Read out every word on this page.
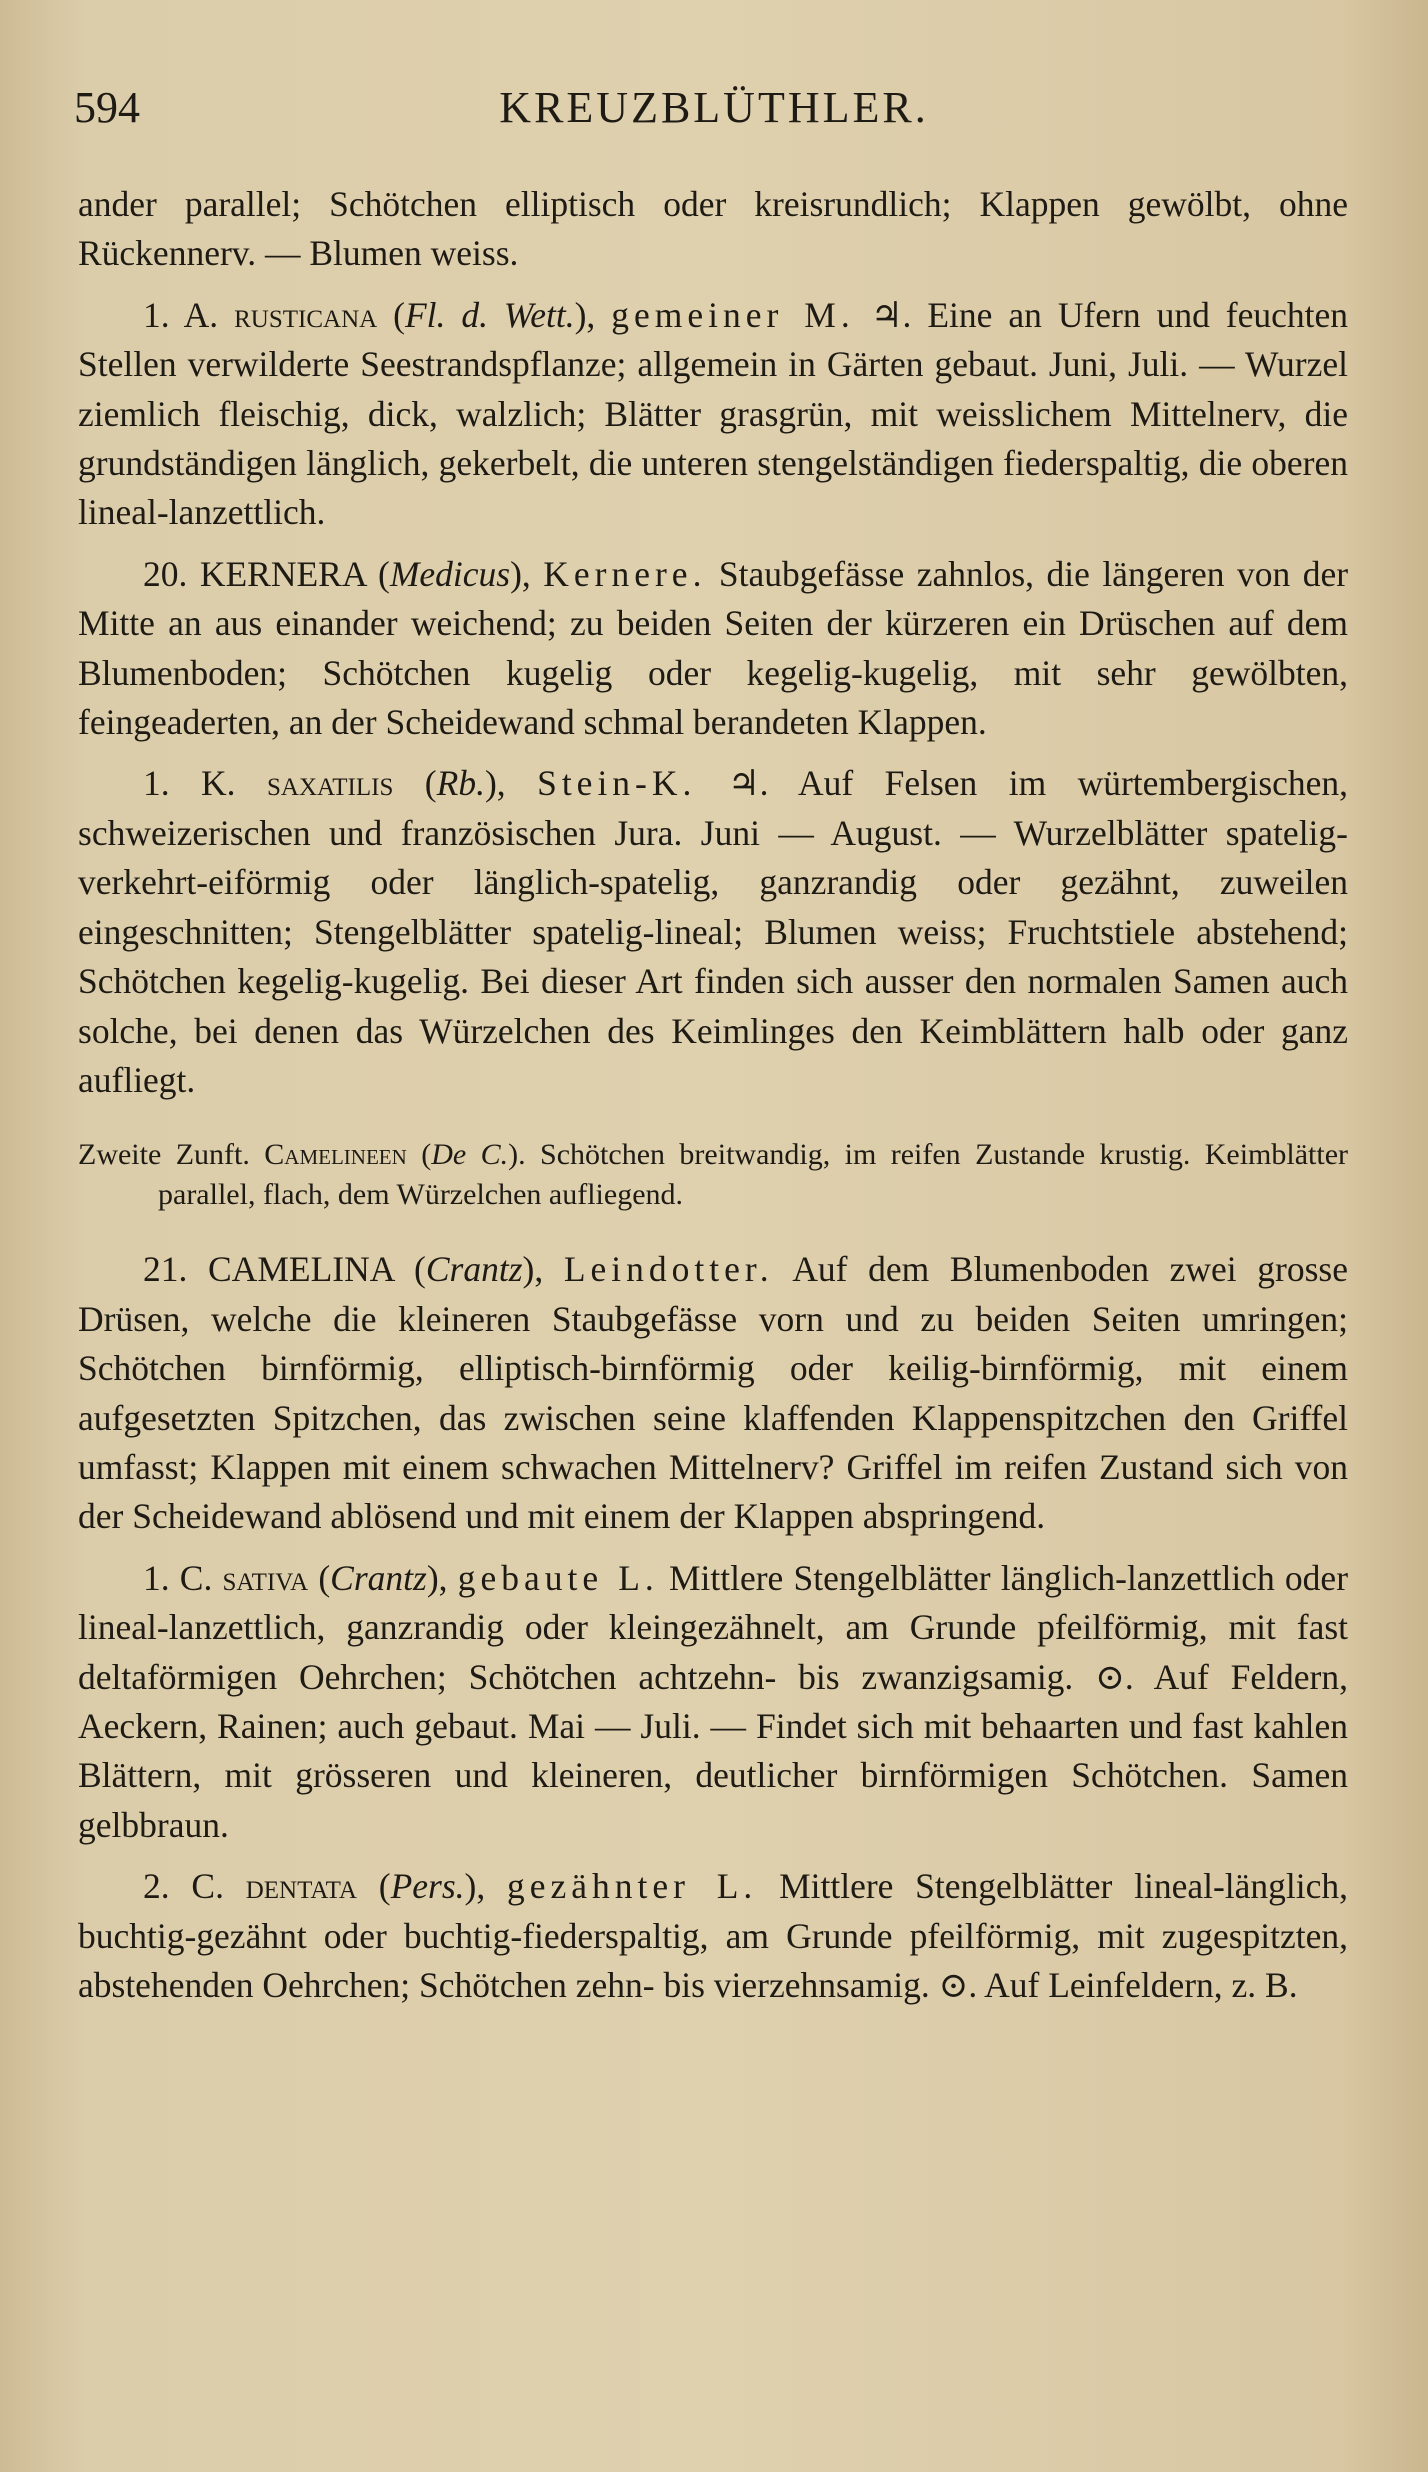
594	KREUZBLÜTHLER.

ander parallel; Schötchen elliptisch oder kreisrundlich; Klappen gewölbt, ohne Rückennerv. — Blumen weiss.

1. A. rusticana (Fl. d. Wett.), gemeiner M. ♃. Eine an Ufern und feuchten Stellen verwilderte Seestrandspflanze; allgemein in Gärten gebaut. Juni, Juli. — Wurzel ziemlich fleischig, dick, walzlich; Blätter grasgrün, mit weisslichem Mittelnerv, die grundständigen länglich, gekerbelt, die unteren stengelständigen fiederspaltig, die oberen lineal-lanzettlich.

20. KERNERA (Medicus), Kernere. Staubgefässe zahnlos, die längeren von der Mitte an aus einander weichend; zu beiden Seiten der kürzeren ein Drüschen auf dem Blumenboden; Schötchen kugelig oder kegelig-kugelig, mit sehr gewölbten, feingeaderten, an der Scheidewand schmal berandeten Klappen.

1. K. saxatilis (Rb.), Stein-K. ♃. Auf Felsen im würtembergischen, schweizerischen und französischen Jura. Juni — August. — Wurzelblätter spatelig-verkehrt-eiförmig oder länglich-spatelig, ganzrandig oder gezähnt, zuweilen eingeschnitten; Stengelblätter spatelig-lineal; Blumen weiss; Fruchtstiele abstehend; Schötchen kegelig-kugelig. Bei dieser Art finden sich ausser den normalen Samen auch solche, bei denen das Würzelchen des Keimlinges den Keimblättern halb oder ganz aufliegt.

Zweite Zunft. Camelineen (De C.). Schötchen breitwandig, im reifen Zustande krustig. Keimblätter parallel, flach, dem Würzelchen aufliegend.

21. CAMELINA (Crantz), Leindotter. Auf dem Blumenboden zwei grosse Drüsen, welche die kleineren Staubgefässe vorn und zu beiden Seiten umringen; Schötchen birnförmig, elliptisch-birnförmig oder keilig-birnförmig, mit einem aufgesetzten Spitzchen, das zwischen seine klaffenden Klappenspitzchen den Griffel umfasst; Klappen mit einem schwachen Mittelnerv? Griffel im reifen Zustand sich von der Scheidewand ablösend und mit einem der Klappen abspringend.

1. C. sativa (Crantz), gebaute L. Mittlere Stengelblätter länglich-lanzettlich oder lineal-lanzettlich, ganzrandig oder kleingezähnelt, am Grunde pfeilförmig, mit fast deltaförmigen Oehrchen; Schötchen achtzehn- bis zwanzigsamig. ⊙. Auf Feldern, Aeckern, Rainen; auch gebaut. Mai — Juli. — Findet sich mit behaarten und fast kahlen Blättern, mit grösseren und kleineren, deutlicher birnförmigen Schötchen. Samen gelbbraun.

2. C. dentata (Pers.), gezähnter L. Mittlere Stengelblätter lineal-länglich, buchtig-gezähnt oder buchtig-fiederspaltig, am Grunde pfeilförmig, mit zugespitzten, abstehenden Oehrchen; Schötchen zehn- bis vierzehnsamig. ⊙. Auf Leinfeldern, z. B.
